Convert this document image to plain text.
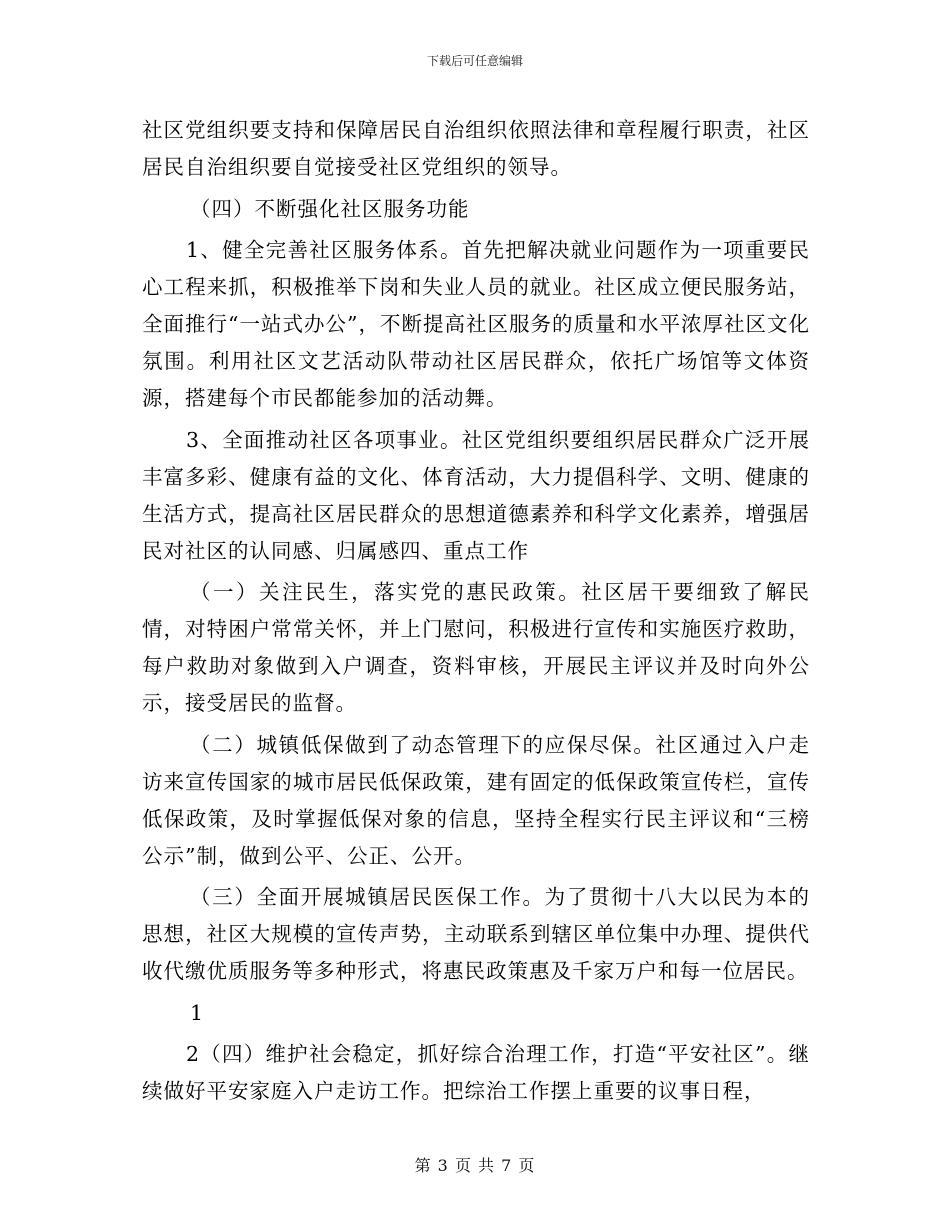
下载后可任意编辑

社区党组织要支持和保障居民自治组织依照法律和章程履行职责，社区居民自治组织要自觉接受社区党组织的领导。

（四）不断强化社区服务功能

1、健全完善社区服务体系。首先把解决就业问题作为一项重要民心工程来抓，积极推举下岗和失业人员的就业。社区成立便民服务站，全面推行“一站式办公”，不断提高社区服务的质量和水平浓厚社区文化氛围。利用社区文艺活动队带动社区居民群众，依托广场馆等文体资源，搭建每个市民都能参加的活动舞。

3、全面推动社区各项事业。社区党组织要组织居民群众广泛开展丰富多彩、健康有益的文化、体育活动，大力提倡科学、文明、健康的生活方式，提高社区居民群众的思想道德素养和科学文化素养，增强居民对社区的认同感、归属感四、重点工作

（一）关注民生，落实党的惠民政策。社区居干要细致了解民情，对特困户常常关怀，并上门慰问，积极进行宣传和实施医疗救助，每户救助对象做到入户调查，资料审核，开展民主评议并及时向外公示，接受居民的监督。

（二）城镇低保做到了动态管理下的应保尽保。社区通过入户走访来宣传国家的城市居民低保政策，建有固定的低保政策宣传栏，宣传低保政策，及时掌握低保对象的信息，坚持全程实行民主评议和“三榜公示”制，做到公平、公正、公开。

（三）全面开展城镇居民医保工作。为了贯彻十八大以民为本的思想，社区大规模的宣传声势，主动联系到辖区单位集中办理、提供代收代缴优质服务等多种形式，将惠民政策惠及千家万户和每一位居民。

1

2（四）维护社会稳定，抓好综合治理工作，打造“平安社区”。继续做好平安家庭入户走访工作。把综治工作摆上重要的议事日程，

第 3 页 共 7 页
